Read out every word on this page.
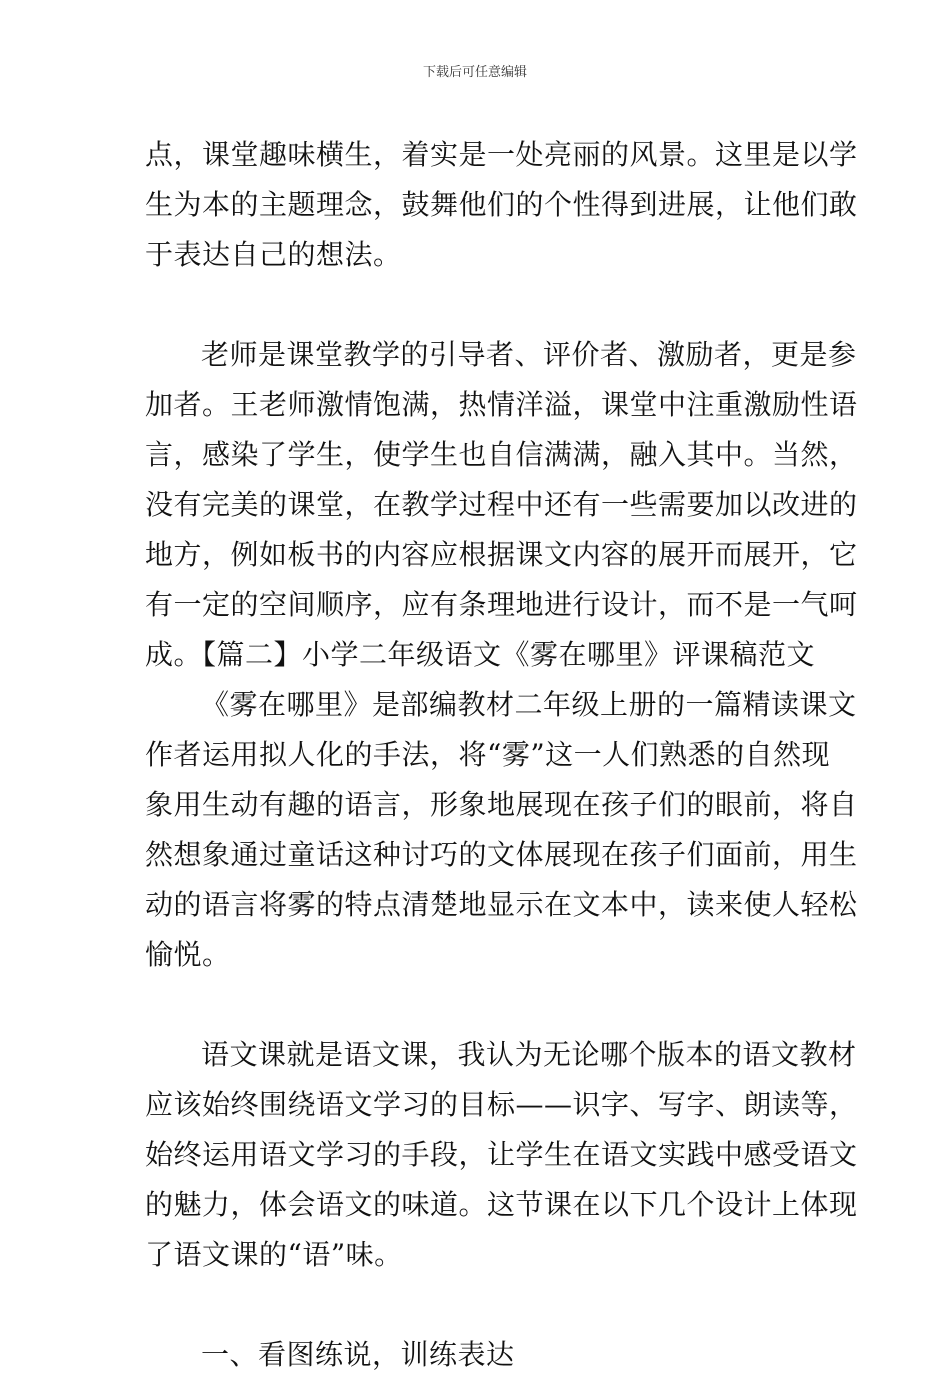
下载后可任意编辑
点，课堂趣味横生，着实是一处亮丽的风景。这里是以学
生为本的主题理念，鼓舞他们的个性得到进展，让他们敢
于表达自己的想法。
老师是课堂教学的引导者、评价者、激励者，更是参
加者。王老师激情饱满，热情洋溢，课堂中注重激励性语
言，感染了学生，使学生也自信满满，融入其中。当然，
没有完美的课堂，在教学过程中还有一些需要加以改进的
地方，例如板书的内容应根据课文内容的展开而展开，它
有一定的空间顺序，应有条理地进行设计，而不是一气呵
成。【篇二】小学二年级语文《雾在哪里》评课稿范文
《雾在哪里》是部编教材二年级上册的一篇精读课文
作者运用拟人化的手法，将“雾”这一人们熟悉的自然现
象用生动有趣的语言，形象地展现在孩子们的眼前，将自
然想象通过童话这种讨巧的文体展现在孩子们面前，用生
动的语言将雾的特点清楚地显示在文本中，读来使人轻松
愉悦。
语文课就是语文课，我认为无论哪个版本的语文教材
应该始终围绕语文学习的目标——识字、写字、朗读等，
始终运用语文学习的手段，让学生在语文实践中感受语文
的魅力，体会语文的味道。这节课在以下几个设计上体现
了语文课的“语”味。
一、看图练说，训练表达
